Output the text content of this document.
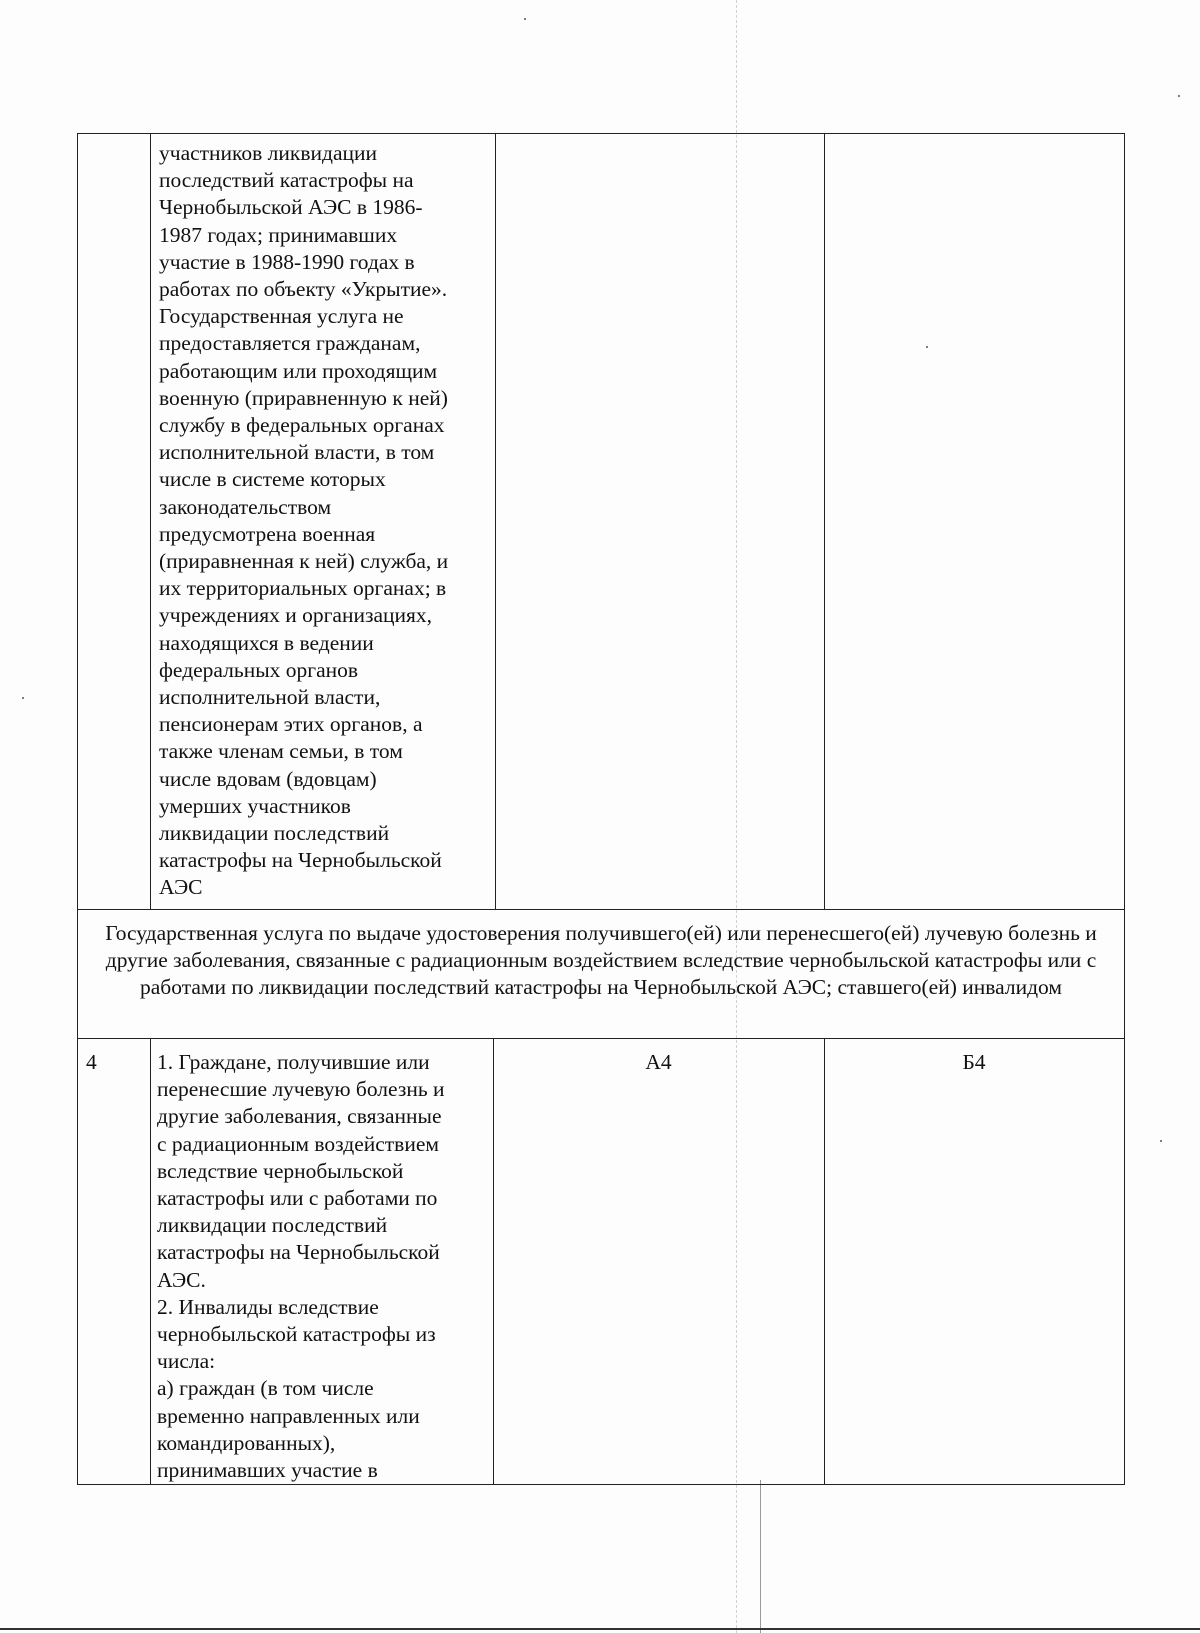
участников ликвидации
последствий катастрофы на
Чернобыльской АЭС в 1986-
1987 годах; принимавших
участие в 1988-1990 годах в
работах по объекту «Укрытие».
Государственная услуга не
предоставляется гражданам,
работающим или проходящим
военную (приравненную к ней)
службу в федеральных органах
исполнительной власти, в том
числе в системе которых
законодательством
предусмотрена военная
(приравненная к ней) служба, и
их территориальных органах; в
учреждениях и организациях,
находящихся в ведении
федеральных органов
исполнительной власти,
пенсионерам этих органов, а
также членам семьи, в том
числе вдовам (вдовцам)
умерших участников
ликвидации последствий
катастрофы на Чернобыльской
АЭС
Государственная услуга по выдаче удостоверения получившего(ей) или перенесшего(ей) лучевую болезнь и другие заболевания, связанные с радиационным воздействием вследствие чернобыльской катастрофы или с работами по ликвидации последствий катастрофы на Чернобыльской АЭС; ставшего(ей) инвалидом
4	1. Граждане, получившие или
перенесшие лучевую болезнь и
другие заболевания, связанные
с радиационным воздействием
вследствие чернобыльской
катастрофы или с работами по
ликвидации последствий
катастрофы на Чернобыльской
АЭС.
2. Инвалиды вследствие
чернобыльской катастрофы из
числа:
а) граждан (в том числе
временно направленных или
командированных),
принимавших участие в
А4	Б4
